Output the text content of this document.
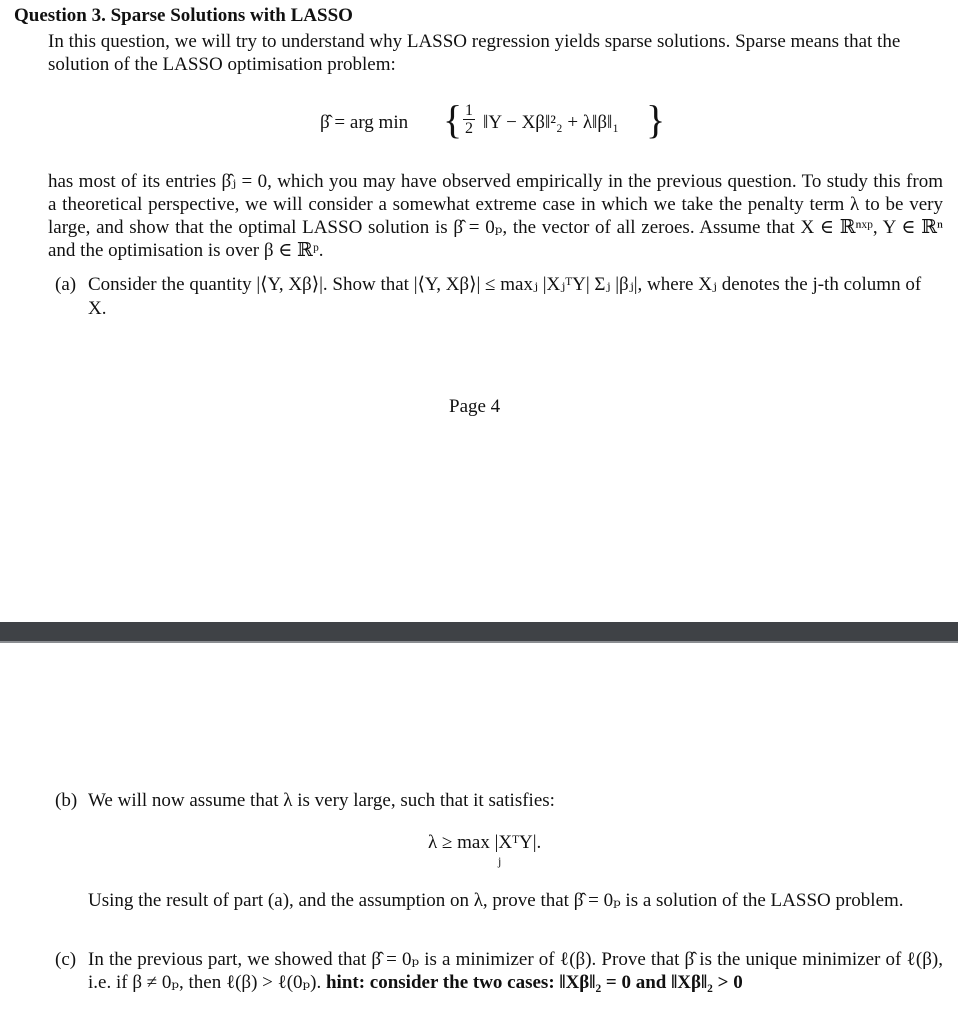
Question 3. Sparse Solutions with LASSO
In this question, we will try to understand why LASSO regression yields sparse solutions. Sparse means that the solution of the LASSO optimisation problem:
β̂ = arg min { $\frac{1}{2}$ ‖Y − Xβ‖²₂ + λ‖β‖₁ }
has most of its entries β̂ⱼ = 0, which you may have observed empirically in the previous question. To study this from a theoretical perspective, we will consider a somewhat extreme case in which we take the penalty term λ to be very large, and show that the optimal LASSO solution is β̂ = 0ₚ, the vector of all zeroes. Assume that X ∈ ℝⁿˣᵖ, Y ∈ ℝⁿ and the optimisation is over β ∈ ℝᵖ.
(a) Consider the quantity |⟨Y, Xβ⟩|. Show that |⟨Y, Xβ⟩| ≤ maxⱼ |XⱼᵀY| Σⱼ |βⱼ|, where Xⱼ denotes the j-th column of X.
Page 4
(b) We will now assume that λ is very large, such that it satisfies:
λ ≥ max |XᵀY|.
j
Using the result of part (a), and the assumption on λ, prove that β̂ = 0ₚ is a solution of the LASSO problem.
(c) In the previous part, we showed that β̂ = 0ₚ is a minimizer of ℓ(β). Prove that β̂ is the unique minimizer of ℓ(β), i.e. if β ≠ 0ₚ, then ℓ(β) > ℓ(0ₚ). hint: consider the two cases: ‖Xβ‖₂ = 0 and ‖Xβ‖₂ > 0
